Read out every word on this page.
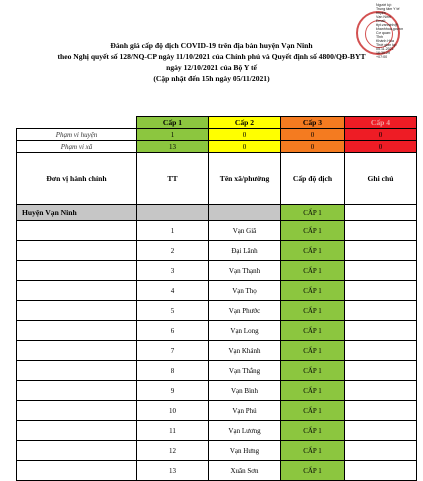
Người ký:
Trung tâm Y tế
huyện
Vạn Ninh
Email:
ttyt.vanninh@
khanhhoa.gov.vn
Cơ quan:
Tỉnh
Khánh Hòa
Thời gian ký:
05.11.2021
16:30:29
+07:00
Đánh giá cấp độ dịch COVID-19 trên địa bàn huyện Vạn Ninh
theo Nghị quyết số 128/NQ-CP ngày 11/10/2021 của Chính phủ và Quyết định số 4800/QĐ-BYT
ngày 12/10/2021 của Bộ Y tế
(Cập nhật đến 15h ngày 05/11/2021)
	Cấp 1	Cấp 2	Cấp 3	Cấp 4
Phạm vi huyện	1	0	0	0
Phạm vi xã	13	0	0	0
Đơn vị hành chính	TT	Tên xã/phường	Cấp độ dịch	Ghi chú
Huyện Vạn Ninh			CẤP 1	
	1	Vạn Giã	CẤP 1	
	2	Đại Lãnh	CẤP 1	
	3	Vạn Thạnh	CẤP 1	
	4	Vạn Thọ	CẤP 1	
	5	Vạn Phước	CẤP 1	
	6	Vạn Long	CẤP 1	
	7	Vạn Khánh	CẤP 1	
	8	Vạn Thắng	CẤP 1	
	9	Vạn Bình	CẤP 1	
	10	Vạn Phú	CẤP 1	
	11	Vạn Lương	CẤP 1	
	12	Vạn Hưng	CẤP 1	
	13	Xuân Sơn	CẤP 1	
